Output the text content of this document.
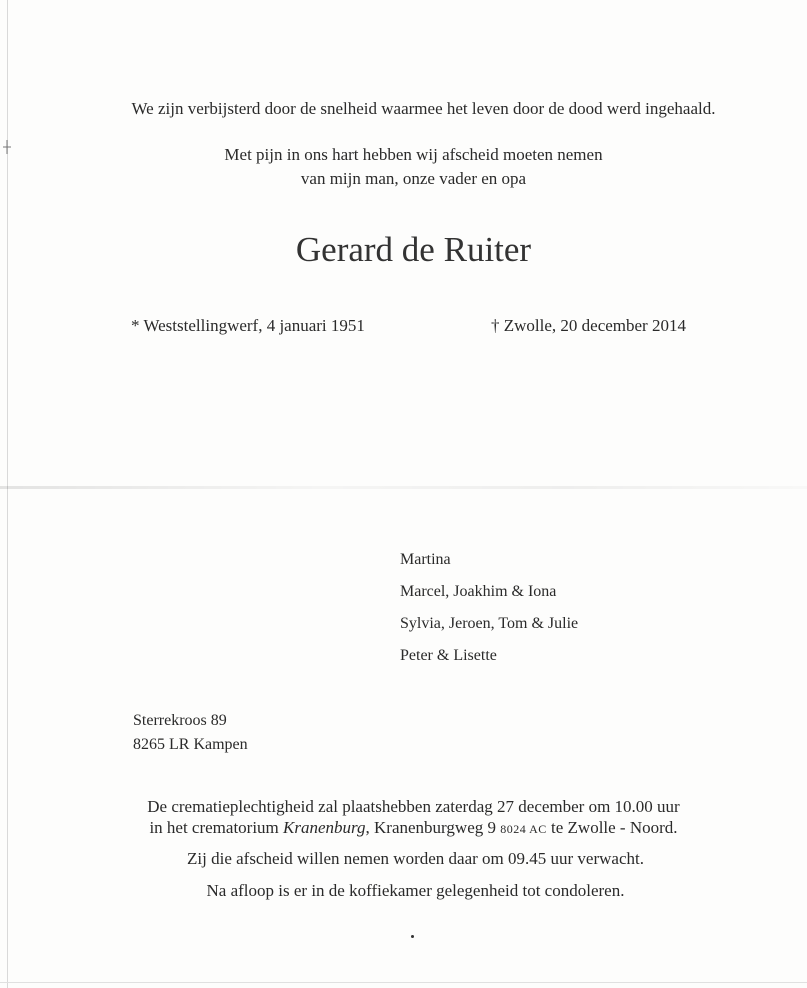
We zijn verbijsterd door de snelheid waarmee het leven door de dood werd ingehaald.
Met pijn in ons hart hebben wij afscheid moeten nemen
van mijn man, onze vader en opa
Gerard de Ruiter
* Weststellingwerf, 4 januari 1951	† Zwolle, 20 december 2014
Martina
Marcel, Joakhim & Iona
Sylvia, Jeroen, Tom & Julie
Peter & Lisette
Sterrekroos 89
8265 LR Kampen
De crematieplechtigheid zal plaatshebben zaterdag 27 december om 10.00 uur
in het crematorium Kranenburg, Kranenburgweg 9 8024 AC te Zwolle - Noord.
Zij die afscheid willen nemen worden daar om 09.45 uur verwacht.
Na afloop is er in de koffiekamer gelegenheid tot condoleren.
